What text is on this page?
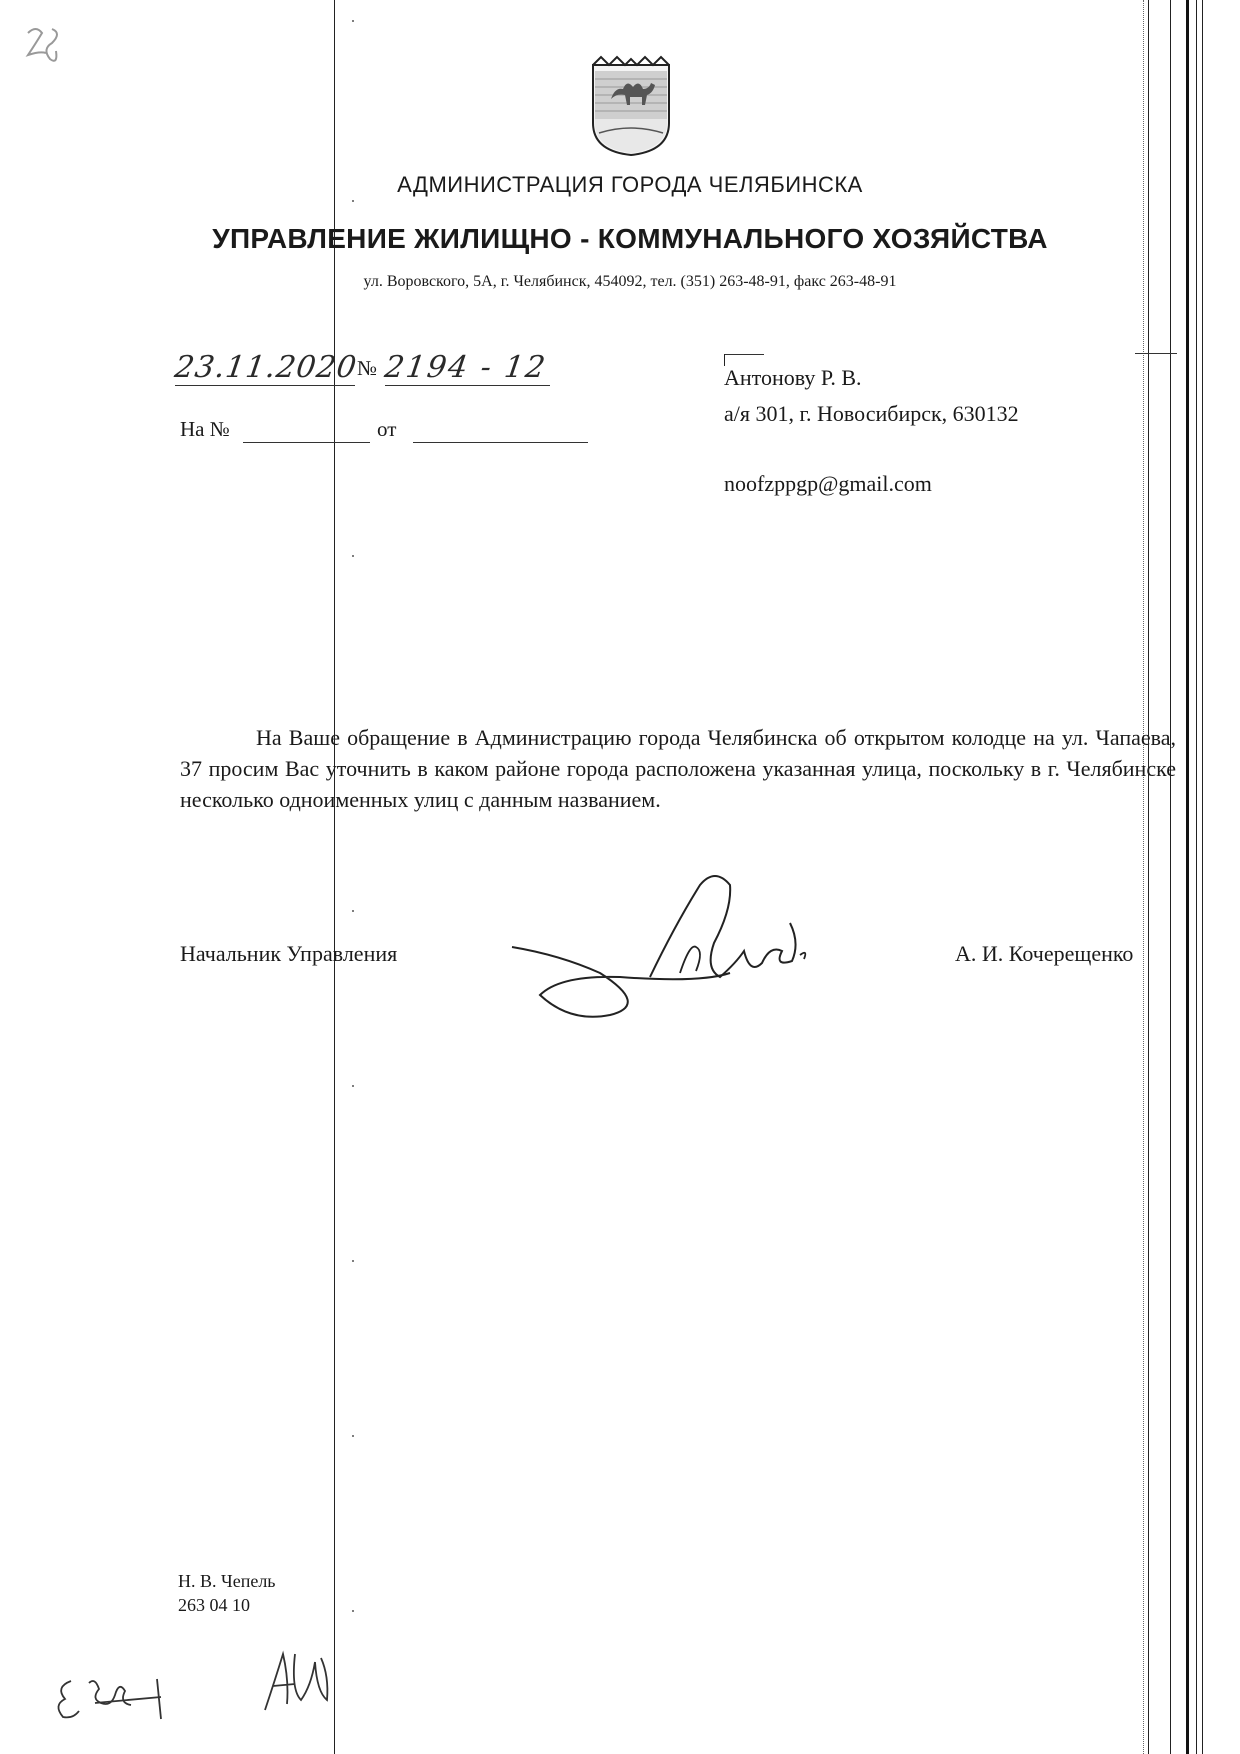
АДМИНИСТРАЦИЯ ГОРОДА ЧЕЛЯБИНСКА
УПРАВЛЕНИЕ ЖИЛИЩНО - КОММУНАЛЬНОГО ХОЗЯЙСТВА
ул. Воровского, 5А, г. Челябинск, 454092, тел. (351) 263-48-91, факс 263-48-91
23.11.2020
№ 2194 - 12
На №	от
Антонову Р. В.
а/я 301, г. Новосибирск, 630132
noofzppgp@gmail.com
На Ваше обращение в Администрацию города Челябинска об открытом колодце на ул. Чапаева, 37 просим Вас уточнить в каком районе города расположена указанная улица, поскольку в г. Челябинске несколько одноименных улиц с данным названием.
Начальник Управления	А. И. Кочерещенко
Н. В. Чепель
263 04 10
